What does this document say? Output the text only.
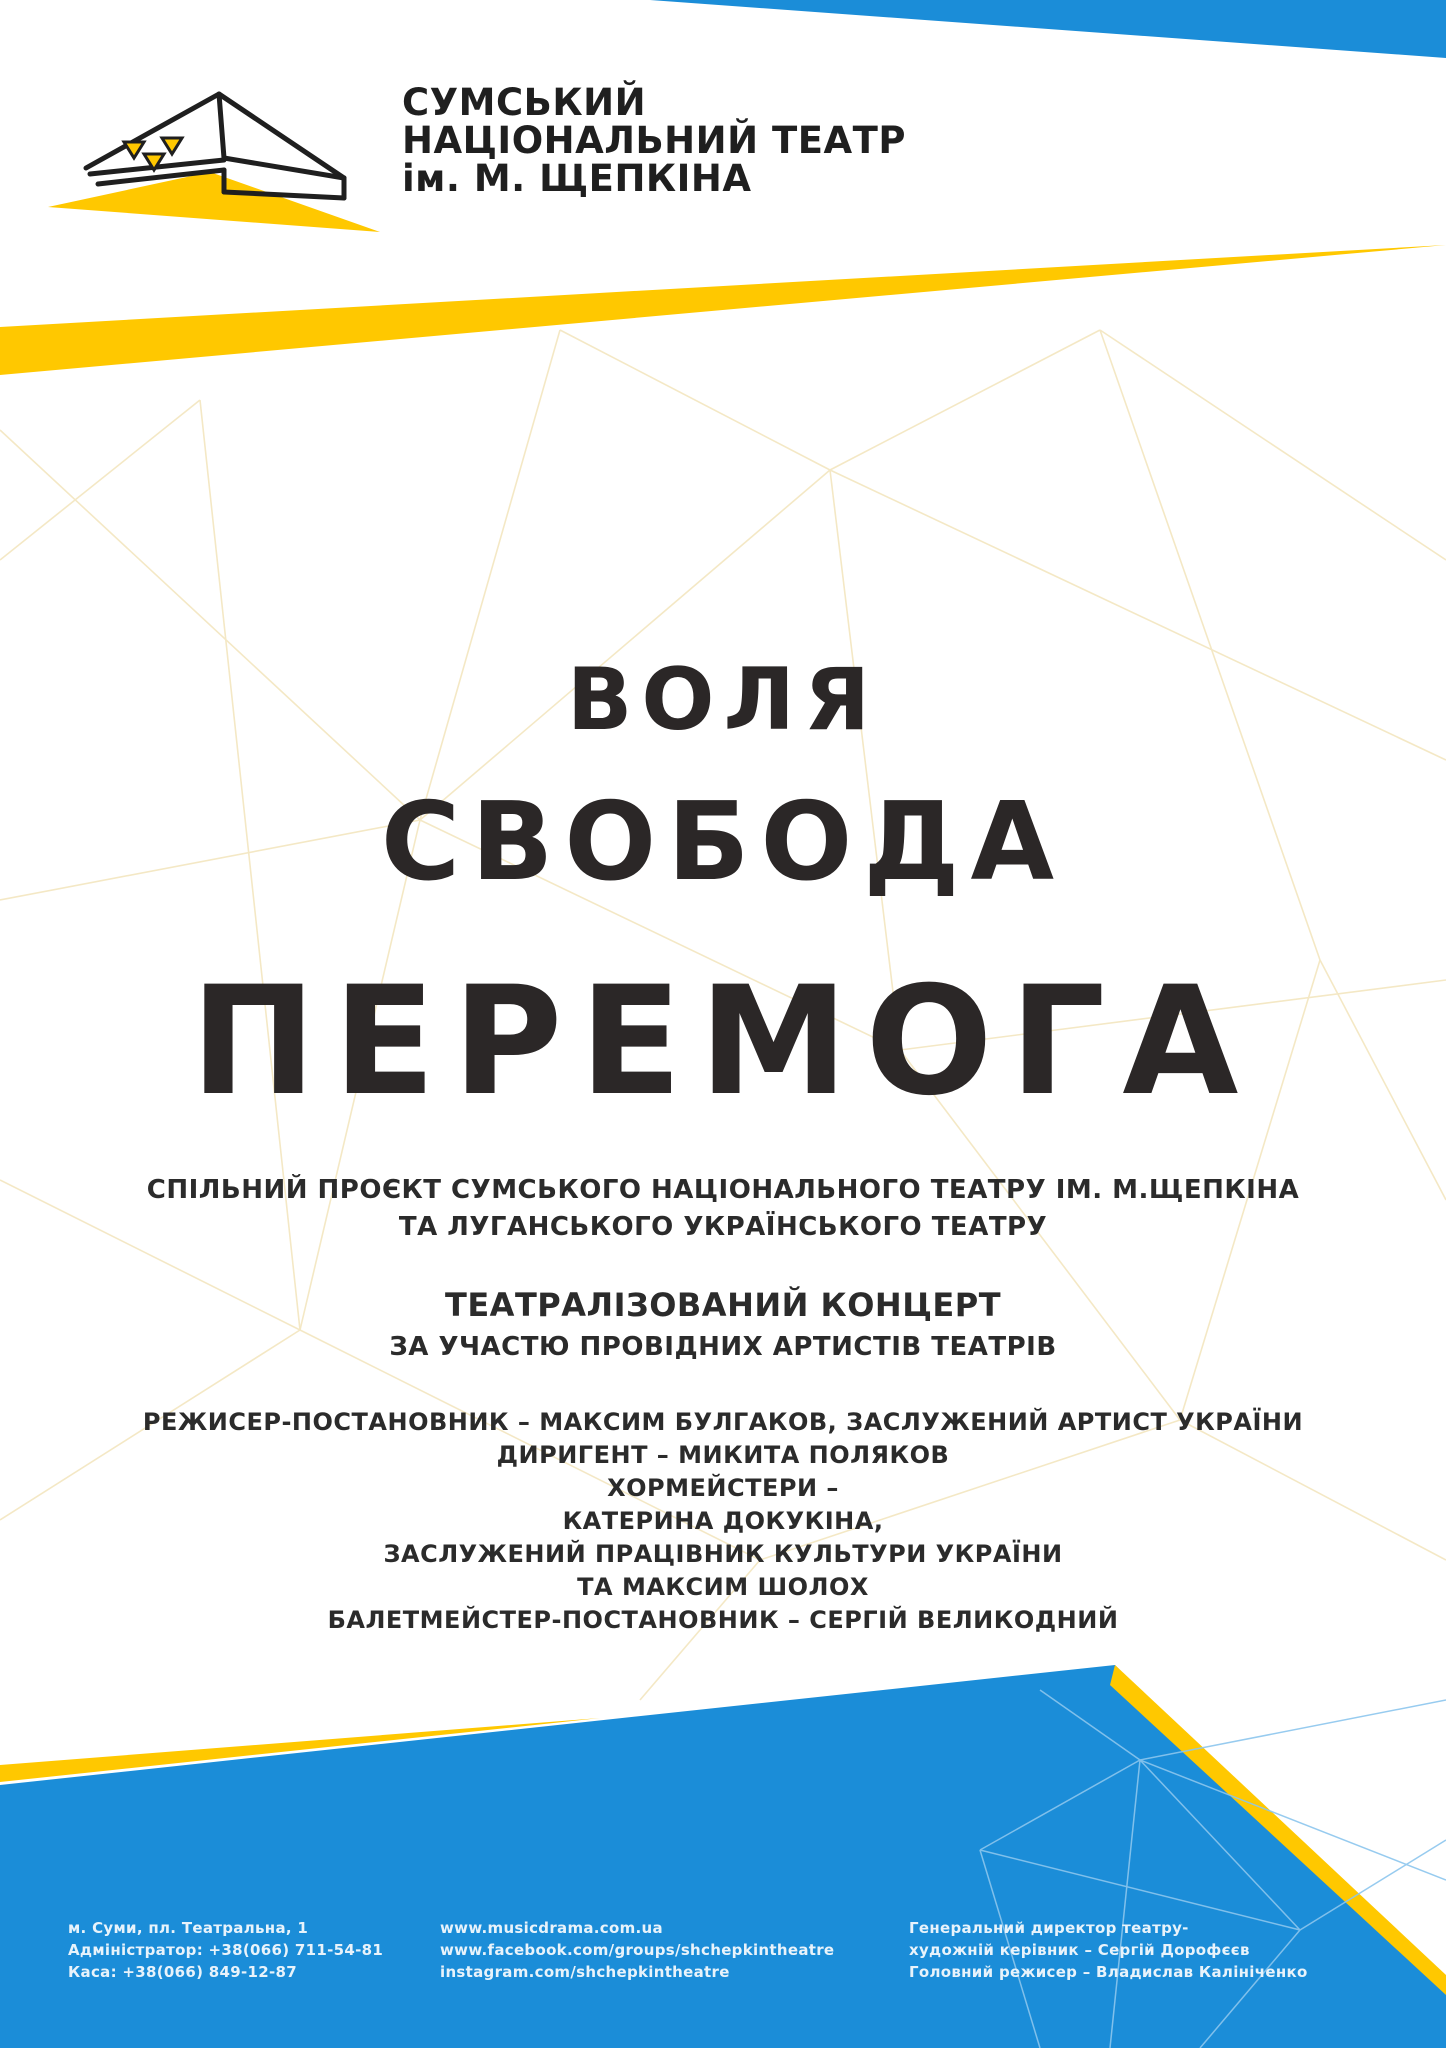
СУМСЬКИЙ
НАЦІОНАЛЬНИЙ ТЕАТР
ім. М. ЩЕПКІНА
ВОЛЯ
СВОБОДА
ПЕРЕМОГА
СПІЛЬНИЙ ПРОЄКТ СУМСЬКОГО НАЦІОНАЛЬНОГО ТЕАТРУ ІМ. М.ЩЕПКІНА
ТА ЛУГАНСЬКОГО УКРАЇНСЬКОГО ТЕАТРУ
ТЕАТРАЛІЗОВАНИЙ КОНЦЕРТ
ЗА УЧАСТЮ ПРОВІДНИХ АРТИСТІВ ТЕАТРІВ
РЕЖИСЕР-ПОСТАНОВНИК – МАКСИМ БУЛГАКОВ, ЗАСЛУЖЕНИЙ АРТИСТ УКРАЇНИ
ДИРИГЕНТ – МИКИТА ПОЛЯКОВ
ХОРМЕЙСТЕРИ –
КАТЕРИНА ДОКУКІНА,
ЗАСЛУЖЕНИЙ ПРАЦІВНИК КУЛЬТУРИ УКРАЇНИ
ТА МАКСИМ ШОЛОХ
БАЛЕТМЕЙСТЕР-ПОСТАНОВНИК – СЕРГІЙ ВЕЛИКОДНИЙ
м. Суми, пл. Театральна, 1
Адміністратор: +38(066) 711-54-81
Каса: +38(066) 849-12-87
www.musicdrama.com.ua
www.facebook.com/groups/shchepkintheatre
instagram.com/shchepkintheatre
Генеральний директор театру-
художній керівник – Сергій Дорофєєв
Головний режисер – Владислав Калініченко
